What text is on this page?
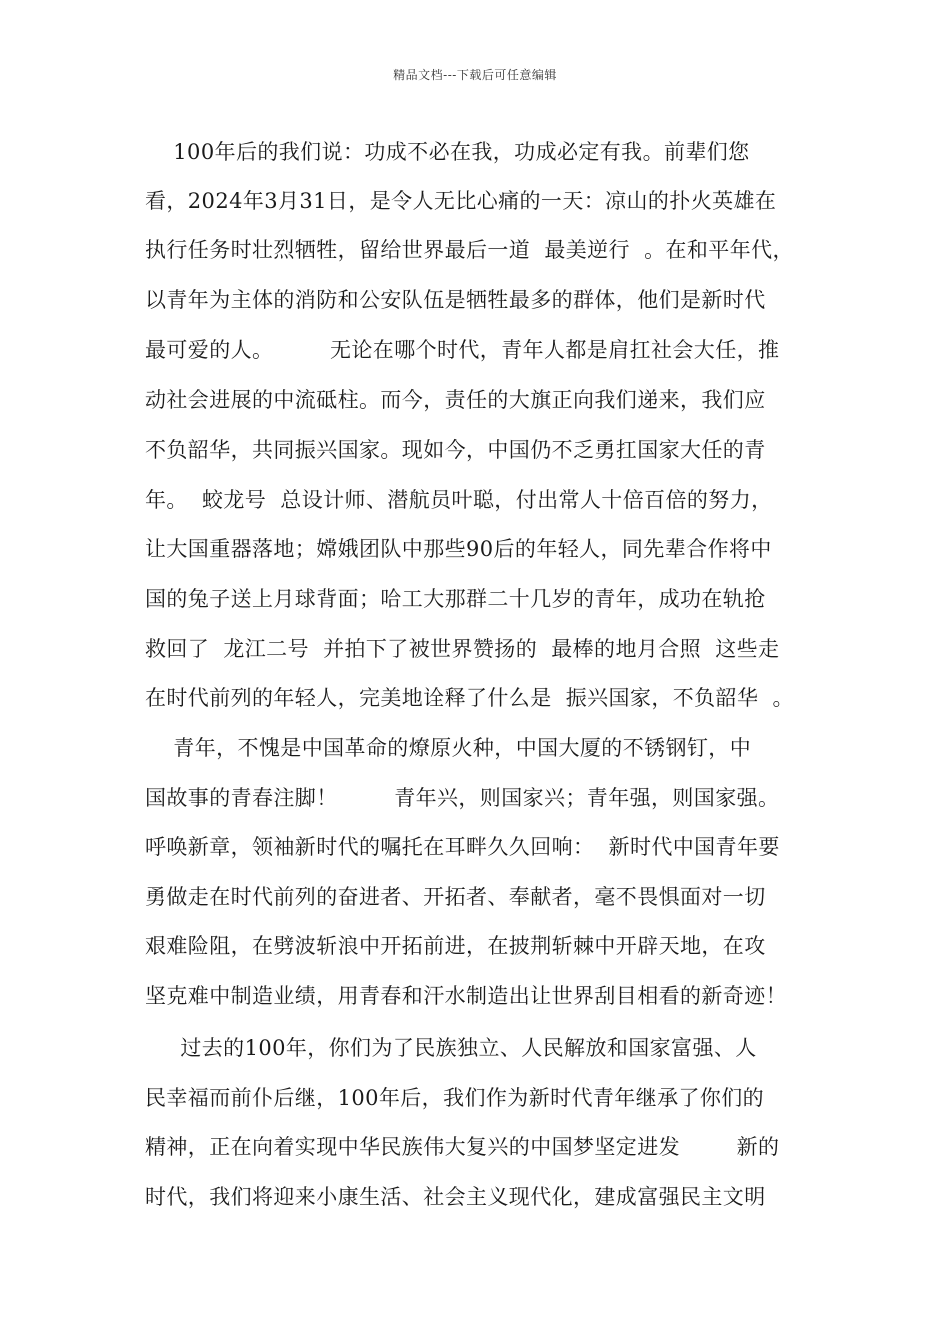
精品文档---下载后可任意编辑
100年后的我们说：功成不必在我，功成必定有我。前辈们您
看，2024年3月31日，是令人无比心痛的一天：凉山的扑火英雄在
执行任务时壮烈牺牲，留给世界最后一道  最美逆行  。在和平年代，
以青年为主体的消防和公安队伍是牺牲最多的群体，他们是新时代
最可爱的人。        无论在哪个时代，青年人都是肩扛社会大任，推
动社会进展的中流砥柱。而今，责任的大旗正向我们递来，我们应
不负韶华，共同振兴国家。现如今，中国仍不乏勇扛国家大任的青
年。  蛟龙号  总设计师、潜航员叶聪，付出常人十倍百倍的努力，
让大国重器落地；嫦娥团队中那些90后的年轻人，同先辈合作将中
国的兔子送上月球背面；哈工大那群二十几岁的青年，成功在轨抢
救回了  龙江二号  并拍下了被世界赞扬的  最棒的地月合照  这些走
在时代前列的年轻人，完美地诠释了什么是  振兴国家，不负韶华  。
青年，不愧是中国革命的燎原火种，中国大厦的不锈钢钉，中
国故事的青春注脚！        青年兴，则国家兴；青年强，则国家强。
呼唤新章，领袖新时代的嘱托在耳畔久久回响：  新时代中国青年要
勇做走在时代前列的奋进者、开拓者、奉献者，毫不畏惧面对一切
艰难险阻，在劈波斩浪中开拓前进，在披荆斩棘中开辟天地，在攻
坚克难中制造业绩，用青春和汗水制造出让世界刮目相看的新奇迹！
过去的100年，你们为了民族独立、人民解放和国家富强、人
民幸福而前仆后继，100年后，我们作为新时代青年继承了你们的
精神，正在向着实现中华民族伟大复兴的中国梦坚定进发        新的
时代，我们将迎来小康生活、社会主义现代化，建成富强民主文明
